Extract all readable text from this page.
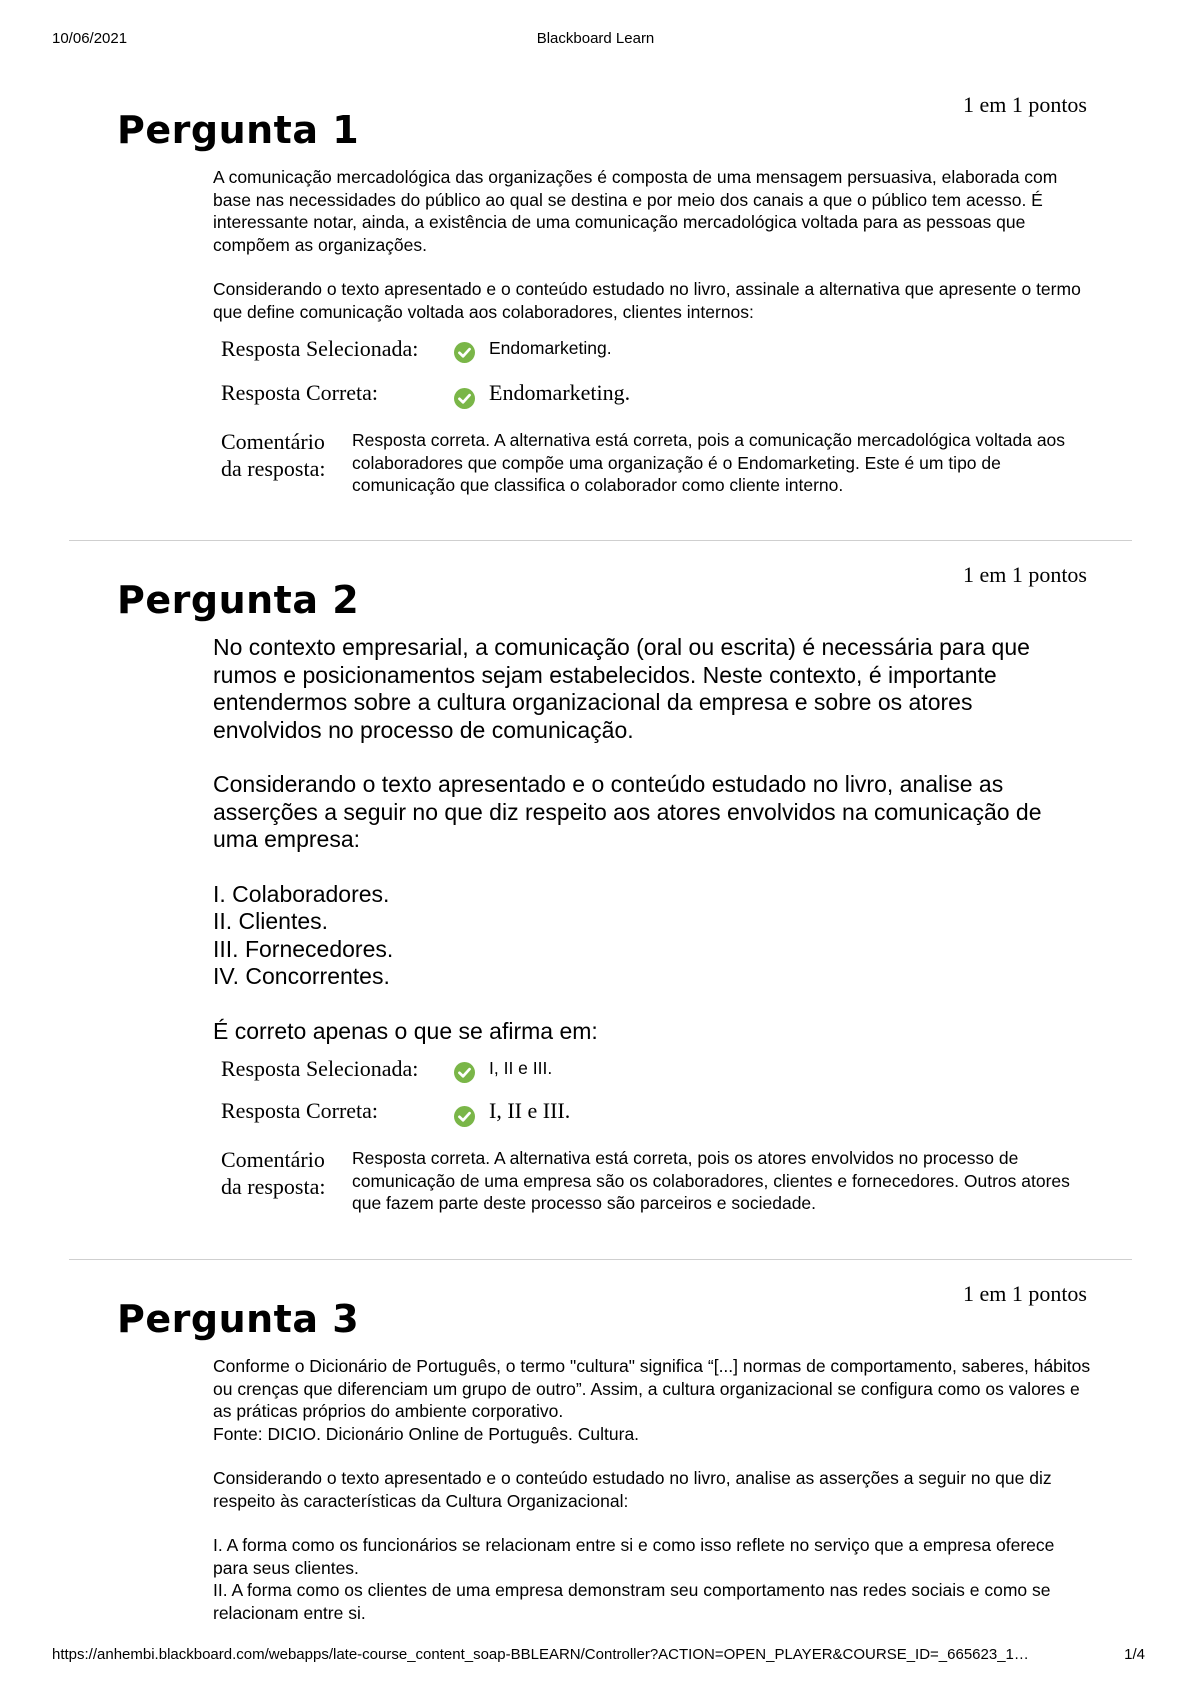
10/06/2021	Blackboard Learn
1 em 1 pontos
Pergunta 1

A comunicação mercadológica das organizações é composta de uma mensagem persuasiva, elaborada com base nas necessidades do público ao qual se destina e por meio dos canais a que o público tem acesso. É interessante notar, ainda, a existência de uma comunicação mercadológica voltada para as pessoas que compõem as organizações.

Considerando o texto apresentado e o conteúdo estudado no livro, assinale a alternativa que apresente o termo que define comunicação voltada aos colaboradores, clientes internos:

Resposta Selecionada:	Endomarketing.
Resposta Correta:	Endomarketing.
Comentário
da resposta:
Resposta correta. A alternativa está correta, pois a comunicação mercadológica voltada aos colaboradores que compõe uma organização é o Endomarketing. Este é um tipo de comunicação que classifica o colaborador como cliente interno.
1 em 1 pontos
Pergunta 2

No contexto empresarial, a comunicação (oral ou escrita) é necessária para que rumos e posicionamentos sejam estabelecidos. Neste contexto, é importante entendermos sobre a cultura organizacional da empresa e sobre os atores envolvidos no processo de comunicação.

Considerando o texto apresentado e o conteúdo estudado no livro, analise as asserções a seguir no que diz respeito aos atores envolvidos na comunicação de uma empresa:

I. Colaboradores.

II. Clientes.

III. Fornecedores.

IV. Concorrentes.

É correto apenas o que se afirma em:

Resposta Selecionada:	I, II e III.
Resposta Correta:	I, II e III.
Comentário
da resposta:
Resposta correta. A alternativa está correta, pois os atores envolvidos no processo de comunicação de uma empresa são os colaboradores, clientes e fornecedores. Outros atores que fazem parte deste processo são parceiros e sociedade.
1 em 1 pontos
Pergunta 3

Conforme o Dicionário de Português, o termo "cultura" significa “[...] normas de comportamento, saberes, hábitos ou crenças que diferenciam um grupo de outro”. Assim, a cultura organizacional se configura como os valores e as práticas próprios do ambiente corporativo.

Fonte: DICIO. Dicionário Online de Português. Cultura.

Considerando o texto apresentado e o conteúdo estudado no livro, analise as asserções a seguir no que diz respeito às características da Cultura Organizacional:

I. A forma como os funcionários se relacionam entre si e como isso reflete no serviço que a empresa oferece para seus clientes.

II. A forma como os clientes de uma empresa demonstram seu comportamento nas redes sociais e como se relacionam entre si.

https://anhembi.blackboard.com/webapps/late-course_content_soap-BBLEARN/Controller?ACTION=OPEN_PLAYER&COURSE_ID=_665623_1…	1/4
